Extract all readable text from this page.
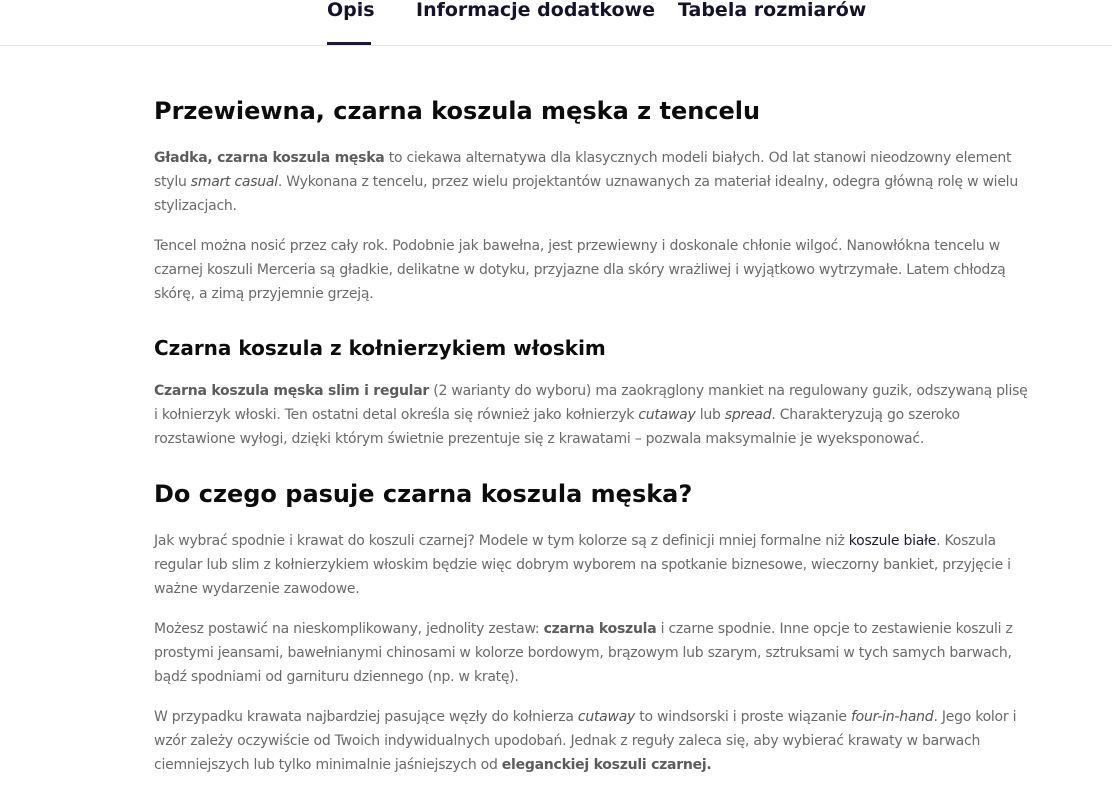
Opis Informacje dodatkowe Tabela rozmiarów
Przewiewna, czarna koszula męska z tencelu

Gładka, czarna koszula męska to ciekawa alternatywa dla klasycznych modeli białych. Od lat stanowi nieodzowny element stylu smart casual. Wykonana z tencelu, przez wielu projektantów uznawanych za materiał idealny, odegra główną rolę w wielu stylizacjach.

Tencel można nosić przez cały rok. Podobnie jak bawełna, jest przewiewny i doskonale chłonie wilgoć. Nanowłókna tencelu w czarnej koszuli Merceria są gładkie, delikatne w dotyku, przyjazne dla skóry wrażliwej i wyjątkowo wytrzymałe. Latem chłodzą skórę, a zimą przyjemnie grzeją.

Czarna koszula z kołnierzykiem włoskim

Czarna koszula męska slim i regular (2 warianty do wyboru) ma zaokrąglony mankiet na regulowany guzik, odszywaną plisę i kołnierzyk włoski. Ten ostatni detal określa się również jako kołnierzyk cutaway lub spread. Charakteryzują go szeroko rozstawione wyłogi, dzięki którym świetnie prezentuje się z krawatami – pozwala maksymalnie je wyeksponować.

Do czego pasuje czarna koszula męska?

Jak wybrać spodnie i krawat do koszuli czarnej? Modele w tym kolorze są z definicji mniej formalne niż koszule białe. Koszula regular lub slim z kołnierzykiem włoskim będzie więc dobrym wyborem na spotkanie biznesowe, wieczorny bankiet, przyjęcie i ważne wydarzenie zawodowe.

Możesz postawić na nieskomplikowany, jednolity zestaw: czarna koszula i czarne spodnie. Inne opcje to zestawienie koszuli z prostymi jeansami, bawełnianymi chinosami w kolorze bordowym, brązowym lub szarym, sztruksami w tych samych barwach, bądź spodniami od garnituru dziennego (np. w kratę).

W przypadku krawata najbardziej pasujące węzły do kołnierza cutaway to windsorski i proste wiązanie four-in-hand. Jego kolor i wzór zależy oczywiście od Twoich indywidualnych upodobań. Jednak z reguły zaleca się, aby wybierać krawaty w barwach ciemniejszych lub tylko minimalnie jaśniejszych od eleganckiej koszuli czarnej.
